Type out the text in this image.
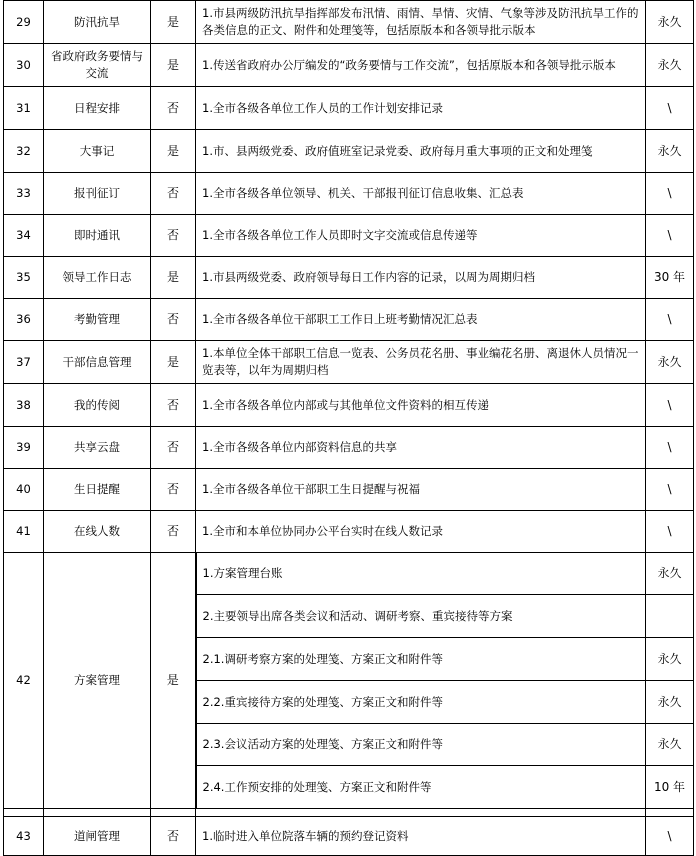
29	防汛抗旱	是	1.市县两级防汛抗旱指挥部发布汛情、雨情、旱情、灾情、气象等涉及防汛抗旱工作的各类信息的正文、附件和处理笺等，包括原版本和各领导批示版本	永久
30	省政府政务要情与交流	是	1.传送省政府办公厅编发的“政务要情与工作交流”，包括原版本和各领导批示版本	永久
31	日程安排	否	1.全市各级各单位工作人员的工作计划安排记录	\
32	大事记	是	1.市、县两级党委、政府值班室记录党委、政府每月重大事项的正文和处理笺	永久
33	报刊征订	否	1.全市各级各单位领导、机关、干部报刊征订信息收集、汇总表	\
34	即时通讯	否	1.全市各级各单位工作人员即时文字交流或信息传递等	\
35	领导工作日志	是	1.市县两级党委、政府领导每日工作内容的记录，以周为周期归档	30 年
36	考勤管理	否	1.全市各级各单位干部职工工作日上班考勤情况汇总表	\
37	干部信息管理	是	1.本单位全体干部职工信息一览表、公务员花名册、事业编花名册、离退休人员情况一览表等，以年为周期归档	永久
38	我的传阅	否	1.全市各级各单位内部或与其他单位文件资料的相互传递	\
39	共享云盘	否	1.全市各级各单位内部资料信息的共享	\
40	生日提醒	否	1.全市各级各单位干部职工生日提醒与祝福	\
41	在线人数	否	1.全市和本单位协同办公平台实时在线人数记录	\
42	方案管理	是	1.方案管理台账	永久
			2.主要领导出席各类会议和活动、调研考察、重宾接待等方案	
			2.1.调研考察方案的处理笺、方案正文和附件等	永久
			2.2.重宾接待方案的处理笺、方案正文和附件等	永久
			2.3.会议活动方案的处理笺、方案正文和附件等	永久
			2.4.工作预安排的处理笺、方案正文和附件等	10 年

43	道闸管理	否	1.临时进入单位院落车辆的预约登记资料	\
